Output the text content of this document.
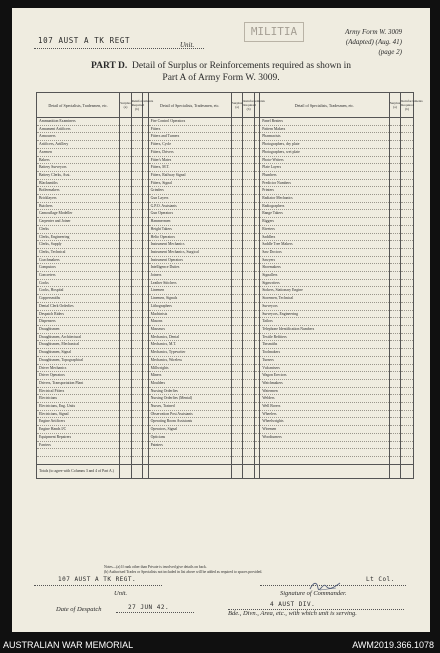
107 AUST A TK REGT	Unit.
MILITIA	Army Form W. 3009
(Adapted) (Aug. 41)
(page 2)
PART D. Detail of Surplus or Reinforcements required as shown in
Part A of Army Form W. 3009.
Detail of Specialists, Tradesmen, etc.	Surplus (a)	Reinforcements Required (b)		Detail of Specialists, Tradesmen, etc.	Surplus (a)	Reinforcements Required (b)		Detail of Specialists, Tradesmen, etc.	Surplus (a)	Reinforcements Required (b)
Ammunition Examiners				Fire Control Operators				Panel Beaters		
Armament Artificers				Fitters				Pattern Makers		
Armourers				Fitters and Turners				Pharmacists		
Artificers, Artillery				Fitters, Cycle				Photographers, dry plate		
Axemen				Fitters, Drivers				Photographers, wet plate		
Bakers				Fitter's Mates				Photo-Writers		
Battery Surveyors				Fitters, M.T.				Plate Layers		
Battery Clerks, Asst.				Fitters, Railway Signal				Plumbers		
Blacksmiths				Fitters, Signal				Predictor Numbers		
Boilermakers				Grinders				Printers		
Bricklayers				Gun Layers				Radiator Mechanics		
Butchers				G.P.O. Assistants				Radiographers		
Camouflage Modeller				Gun Operators				Range Takers		
Carpenter and Joiner				Hammermen				Riggers		
Clerks				Height Takers				Riveters		
Clerks, Engineering				Helio Operators				Saddlers		
Clerks, Supply				Instrument Mechanics				Saddle Tree Makers		
Clerks, Technical				Instrument Mechanics, Surgical				Saw Doctors		
Coachmakers				Instrument Operators				Sawyers		
Computors				Intelligence Duties				Shoemakers		
Concreters				Joiners				Signallers		
Cooks				Leather Stitchers				Signwriters		
Cooks, Hospital				Linemen				Stokers, Stationary Engine		
Coppersmiths				Linemen, Signals				Storemen, Technical		
Dental Clerk Orderlies				Lithographers				Surveyors		
Despatch Riders				Machinists				Surveyors, Engineering		
Dispensers				Masons				Tailors		
Draughtsmen				Masseurs				Telephone Identification Numbers		
Draughtsmen, Architectural				Mechanics, Dental				Textile Refitters		
Draughtsmen, Mechanical				Mechanics, M.T.				Tinsmiths		
Draughtsmen, Signal				Mechanics, Typewriter				Toolmakers		
Draughtsmen, Topographical				Mechanics, Wireless				Turners		
Driver Mechanics				Millwrights				Vulcanisers		
Driver Operators				Miners				Wagon Erectors		
Drivers, Transportation Plant				Moulders				Watchmakers		
Electrical Fitters				Nursing Orderlies				Watermen		
Electricians				Nursing Orderlies (Mental)				Welders		
Electricians, Eng. Units				Nurses, Trained				Well Borers		
Electricians, Signal				Observation Post Assistants				Wheelers		
Engine Artificers				Operating Room Assistants				Wheelwrights		
Engine Hands I/C				Operators, Signal				Wiremen		
Equipment Repairers				Opticians				Woodturners		
Farriers				Painters						

Totals (to agree with Columns 3 and 4 of Part A.)										
Notes—(a) If rank other than Private is involved give details on back.
(b) Authorised Trades or Specialists not included in list above will be added as required to spaces provided.
107 AUST A TK REGT.
Unit.
Lt Col.
Signature of Commander.
Date of Despatch	27 JUN 42.	4 AUST DIV.
Bde., Divn., Area, etc., with which unit is serving.
AUSTRALIAN WAR MEMORIAL	AWM2019.366.1078
